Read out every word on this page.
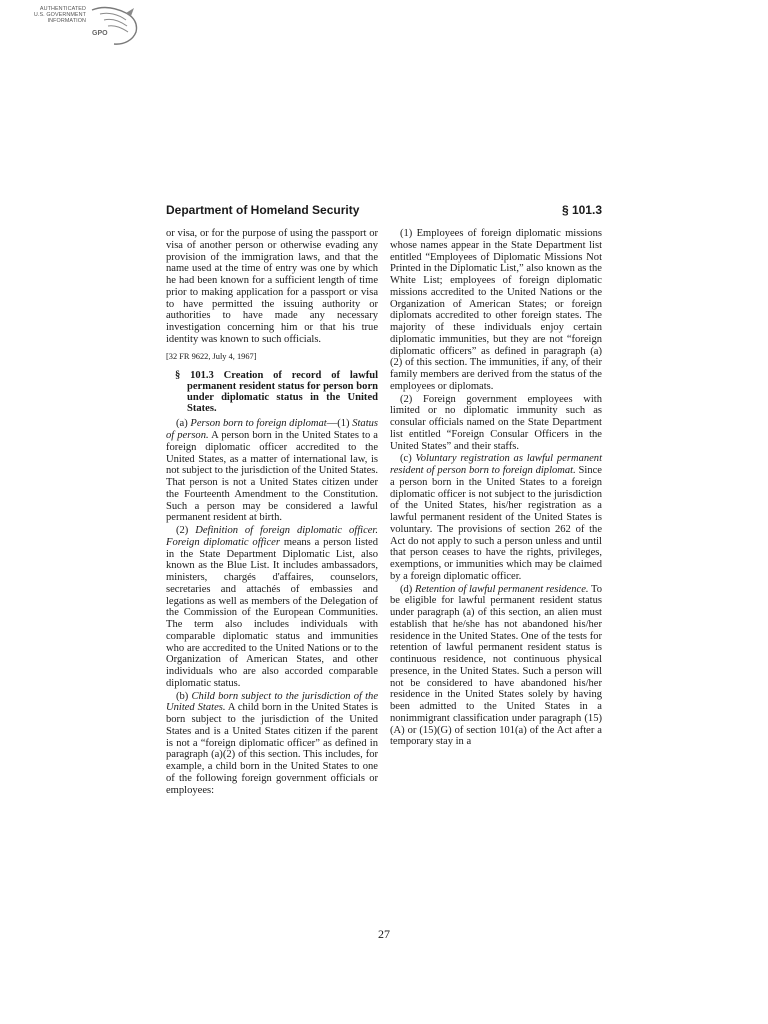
AUTHENTICATED
U.S. GOVERNMENT
INFORMATION
GPO
Department of Homeland Security	§ 101.3

or visa, or for the purpose of using the passport or visa of another person or otherwise evading any provision of the immigration laws, and that the name used at the time of entry was one by which he had been known for a sufficient length of time prior to making application for a passport or visa to have permitted the issuing authority or authorities to have made any necessary investigation concerning him or that his true identity was known to such officials.

[32 FR 9622, July 4, 1967]

§ 101.3 Creation of record of lawful permanent resident status for person born under diplomatic status in the United States.

(a) Person born to foreign diplomat—(1) Status of person. A person born in the United States to a foreign diplomatic officer accredited to the United States, as a matter of international law, is not subject to the jurisdiction of the United States. That person is not a United States citizen under the Fourteenth Amendment to the Constitution. Such a person may be considered a lawful permanent resident at birth.

(2) Definition of foreign diplomatic officer. Foreign diplomatic officer means a person listed in the State Department Diplomatic List, also known as the Blue List. It includes ambassadors, ministers, chargés d'affaires, counselors, secretaries and attachés of embassies and legations as well as members of the Delegation of the Commission of the European Communities. The term also includes individuals with comparable diplomatic status and immunities who are accredited to the United Nations or to the Organization of American States, and other individuals who are also accorded comparable diplomatic status.

(b) Child born subject to the jurisdiction of the United States. A child born in the United States is born subject to the jurisdiction of the United States and is a United States citizen if the parent is not a “foreign diplomatic officer” as defined in paragraph (a)(2) of this section. This includes, for example, a child born in the United States to one of the following foreign government officials or employees:

(1) Employees of foreign diplomatic missions whose names appear in the State Department list entitled “Employees of Diplomatic Missions Not Printed in the Diplomatic List,” also known as the White List; employees of foreign diplomatic missions accredited to the United Nations or the Organization of American States; or foreign diplomats accredited to other foreign states. The majority of these individuals enjoy certain diplomatic immunities, but they are not “foreign diplomatic officers” as defined in paragraph (a)(2) of this section. The immunities, if any, of their family members are derived from the status of the employees or diplomats.

(2) Foreign government employees with limited or no diplomatic immunity such as consular officials named on the State Department list entitled “Foreign Consular Officers in the United States” and their staffs.

(c) Voluntary registration as lawful permanent resident of person born to foreign diplomat. Since a person born in the United States to a foreign diplomatic officer is not subject to the jurisdiction of the United States, his/her registration as a lawful permanent resident of the United States is voluntary. The provisions of section 262 of the Act do not apply to such a person unless and until that person ceases to have the rights, privileges, exemptions, or immunities which may be claimed by a foreign diplomatic officer.

(d) Retention of lawful permanent residence. To be eligible for lawful permanent resident status under paragraph (a) of this section, an alien must establish that he/she has not abandoned his/her residence in the United States. One of the tests for retention of lawful permanent resident status is continuous residence, not continuous physical presence, in the United States. Such a person will not be considered to have abandoned his/her residence in the United States solely by having been admitted to the United States in a nonimmigrant classification under paragraph (15)(A) or (15)(G) of section 101(a) of the Act after a temporary stay in a

27
